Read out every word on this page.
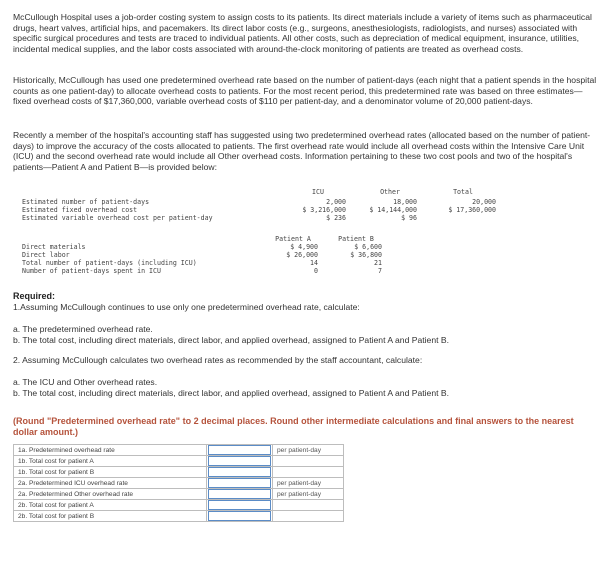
McCullough Hospital uses a job-order costing system to assign costs to its patients. Its direct materials include a variety of items such as pharmaceutical drugs, heart valves, artificial hips, and pacemakers. Its direct labor costs (e.g., surgeons, anesthesiologists, radiologists, and nurses) associated with specific surgical procedures and tests are traced to individual patients. All other costs, such as depreciation of medical equipment, insurance, utilities, incidental medical supplies, and the labor costs associated with around-the-clock monitoring of patients are treated as overhead costs.

Historically, McCullough has used one predetermined overhead rate based on the number of patient-days (each night that a patient spends in the hospital counts as one patient-day) to allocate overhead costs to patients. For the most recent period, this predetermined rate was based on three estimates—fixed overhead costs of $17,360,000, variable overhead costs of $110 per patient-day, and a denominator volume of 20,000 patient-days.

Recently a member of the hospital's accounting staff has suggested using two predetermined overhead rates (allocated based on the number of patient-days) to improve the accuracy of the costs allocated to patients. The first overhead rate would include all overhead costs within the Intensive Care Unit (ICU) and the second overhead rate would include all Other overhead costs. Information pertaining to these two cost pools and two of the hospital's patients—Patient A and Patient B—is provided below:

ICU	Other	Total
Estimated number of patient-days	2,000	18,000	20,000
Estimated fixed overhead cost	$ 3,216,000	$ 14,144,000	$ 17,360,000
Estimated variable overhead cost per patient-day	$ 236	$ 96
Patient A	Patient B
Direct materials	$ 4,900	$ 6,600
Direct labor	$ 26,000	$ 36,800
Total number of patient-days (including ICU)	14	21
Number of patient-days spent in ICU	0	7
Required:

1.Assuming McCullough continues to use only one predetermined overhead rate, calculate:

a. The predetermined overhead rate.

b. The total cost, including direct materials, direct labor, and applied overhead, assigned to Patient A and Patient B.

2. Assuming McCullough calculates two overhead rates as recommended by the staff accountant, calculate:

a. The ICU and Other overhead rates.

b. The total cost, including direct materials, direct labor, and applied overhead, assigned to Patient A and Patient B.

(Round "Predetermined overhead rate" to 2 decimal places. Round other intermediate calculations and final answers to the nearest dollar amount.)

1a. Predetermined overhead rate		per patient-day
1b. Total cost for patient A	

1b. Total cost for patient B	

2a. Predetermined ICU overhead rate		per patient-day
2a. Predetermined Other overhead rate		per patient-day
2b. Total cost for patient A	

2b. Total cost for patient B	
